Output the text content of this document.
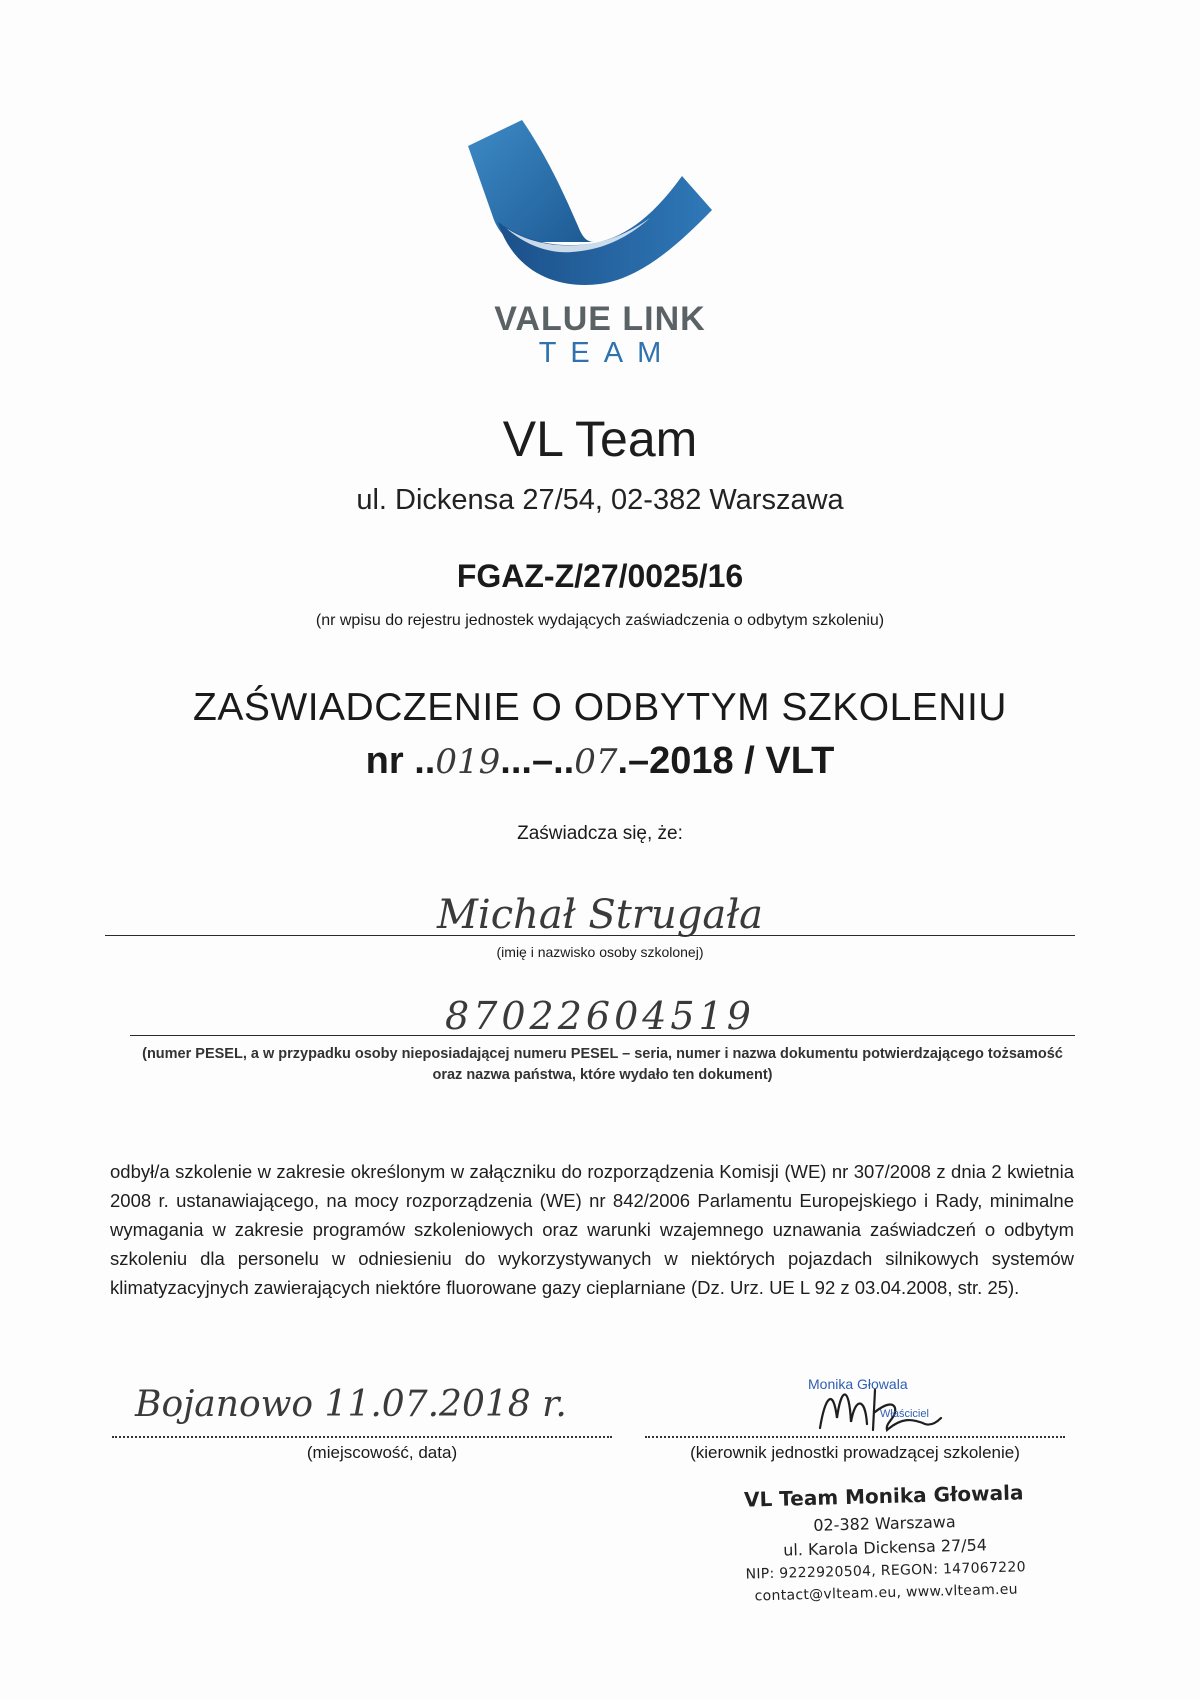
VALUE LINK
TEAM
VL Team
ul. Dickensa 27/54, 02-382 Warszawa
FGAZ-Z/27/0025/16
(nr wpisu do rejestru jednostek wydających zaświadczenia o odbytym szkoleniu)
ZAŚWIADCZENIE O ODBYTYM SZKOLENIU
nr ..019...–..07.–2018 / VLT
Zaświadcza się, że:
Michał Strugała
(imię i nazwisko osoby szkolonej)
87022604519
(numer PESEL, a w przypadku osoby nieposiadającej numeru PESEL – seria, numer i nazwa dokumentu potwierdzającego tożsamość oraz nazwa państwa, które wydało ten dokument)
odbył/a szkolenie w zakresie określonym w załączniku do rozporządzenia Komisji (WE) nr 307/2008 z dnia 2 kwietnia 2008 r. ustanawiającego, na mocy rozporządzenia (WE) nr 842/2006 Parlamentu Europejskiego i Rady, minimalne wymagania w zakresie programów szkoleniowych oraz warunki wzajemnego uznawania zaświadczeń o odbytym szkoleniu dla personelu w odniesieniu do wykorzystywanych w niektórych pojazdach silnikowych systemów klimatyzacyjnych zawierających niektóre fluorowane gazy cieplarniane (Dz. Urz. UE L 92 z 03.04.2008, str. 25).
Bojanowo 11.07.2018 r.
(miejscowość, data)
Monika Głowala
Właściciel
(kierownik jednostki prowadzącej szkolenie)
VL Team Monika Głowala
02-382 Warszawa
ul. Karola Dickensa 27/54
NIP: 9222920504, REGON: 147067220
contact@vlteam.eu, www.vlteam.eu
